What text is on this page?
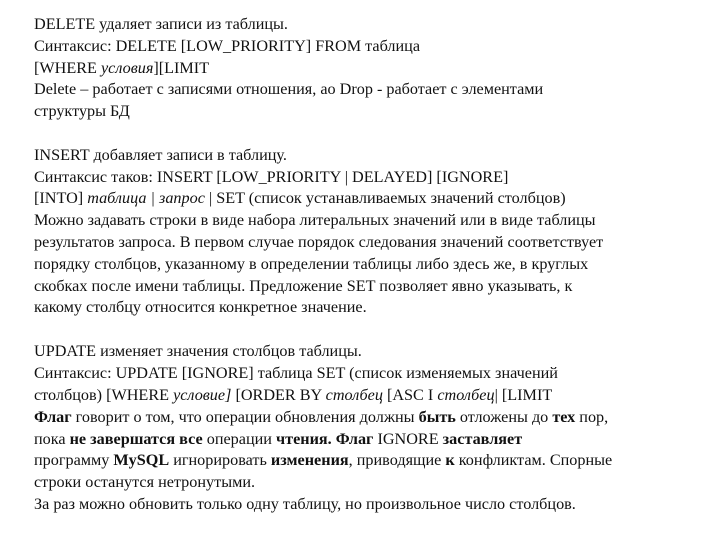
DELETE удаляет записи из таблицы.
Синтаксис: DELETE [LOW_PRIORITY] FROM таблица
[WHERE условия][LIMIT
Delete – работает с записями отношения, ао Drop - работает с элементами
структуры БД
INSERT добавляет записи в таблицу.
Синтаксис таков: INSERT [LOW_PRIORITY | DELAYED] [IGNORE]
[INTO] таблица | запрос | SET (список устанавливаемых значений столбцов)
Можно задавать строки в виде набора литеральных значений или в виде таблицы
результатов запроса. В первом случае порядок следования значений соответствует
порядку столбцов, указанному в определении таблицы либо здесь же, в круглых
скобках после имени таблицы. Предложение SET позволяет явно указывать, к
какому столбцу относится конкретное значение.
UPDATE изменяет значения столбцов таблицы.
Синтаксис: UPDATE [IGNORE] таблица SET (список изменяемых значений
столбцов) [WHERE условие] [ORDER BY столбец [ASC I столбец| [LIMIT
Флаг говорит о том, что операции обновления должны быть отложены до тех пор,
пока не завершатся все операции чтения. Флаг IGNORE заставляет
программу MySQL игнорировать изменения, приводящие к конфликтам. Спорные
строки останутся нетронутыми.
За раз можно обновить только одну таблицу, но произвольное число столбцов.
